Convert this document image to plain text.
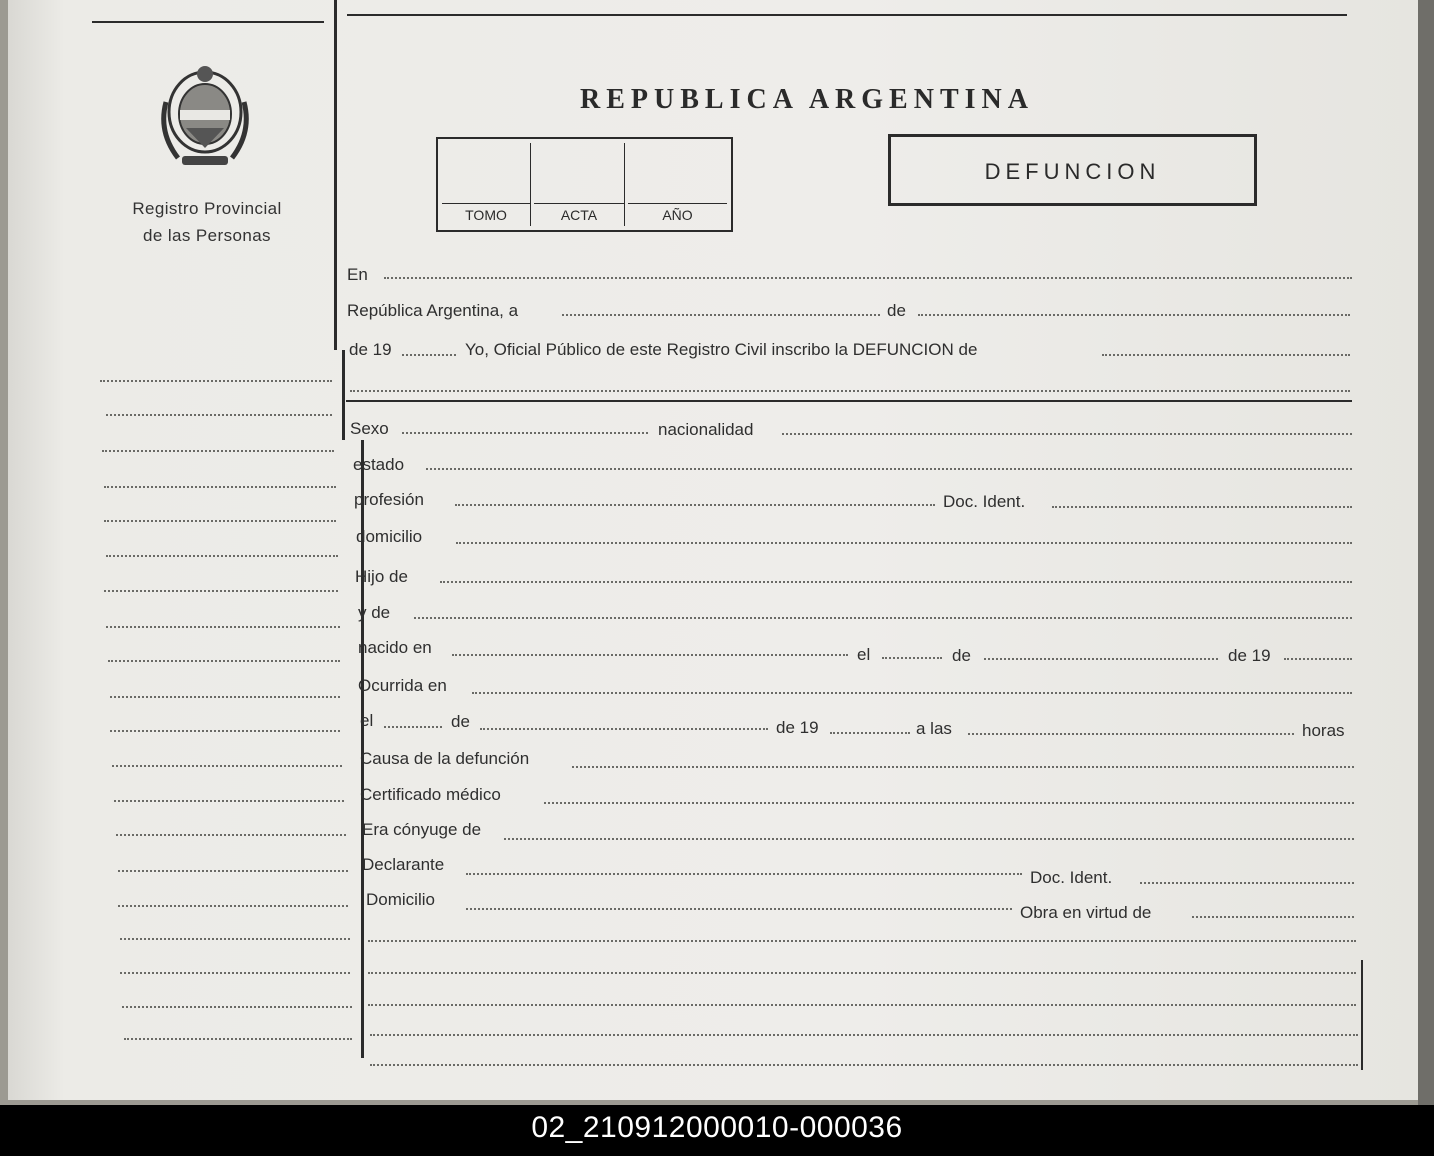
Registro Provincial
de las Personas
REPUBLICA ARGENTINA
TOMO	ACTA	AÑO
DEFUNCION
En
República Argentina, a	de
de 19	Yo, Oficial Público de este Registro Civil inscribo la DEFUNCION de
Sexo	nacionalidad
estado
profesión	Doc. Ident.
domicilio
Hijo de
y de
nacido en	el	de	de 19
Ocurrida en
el	de	de 19	a las	horas
Causa de la defunción
Certificado médico
Era cónyuge de
Declarante
Doc. Ident.
Domicilio
Obra en virtud de
02_210912000010-000036
